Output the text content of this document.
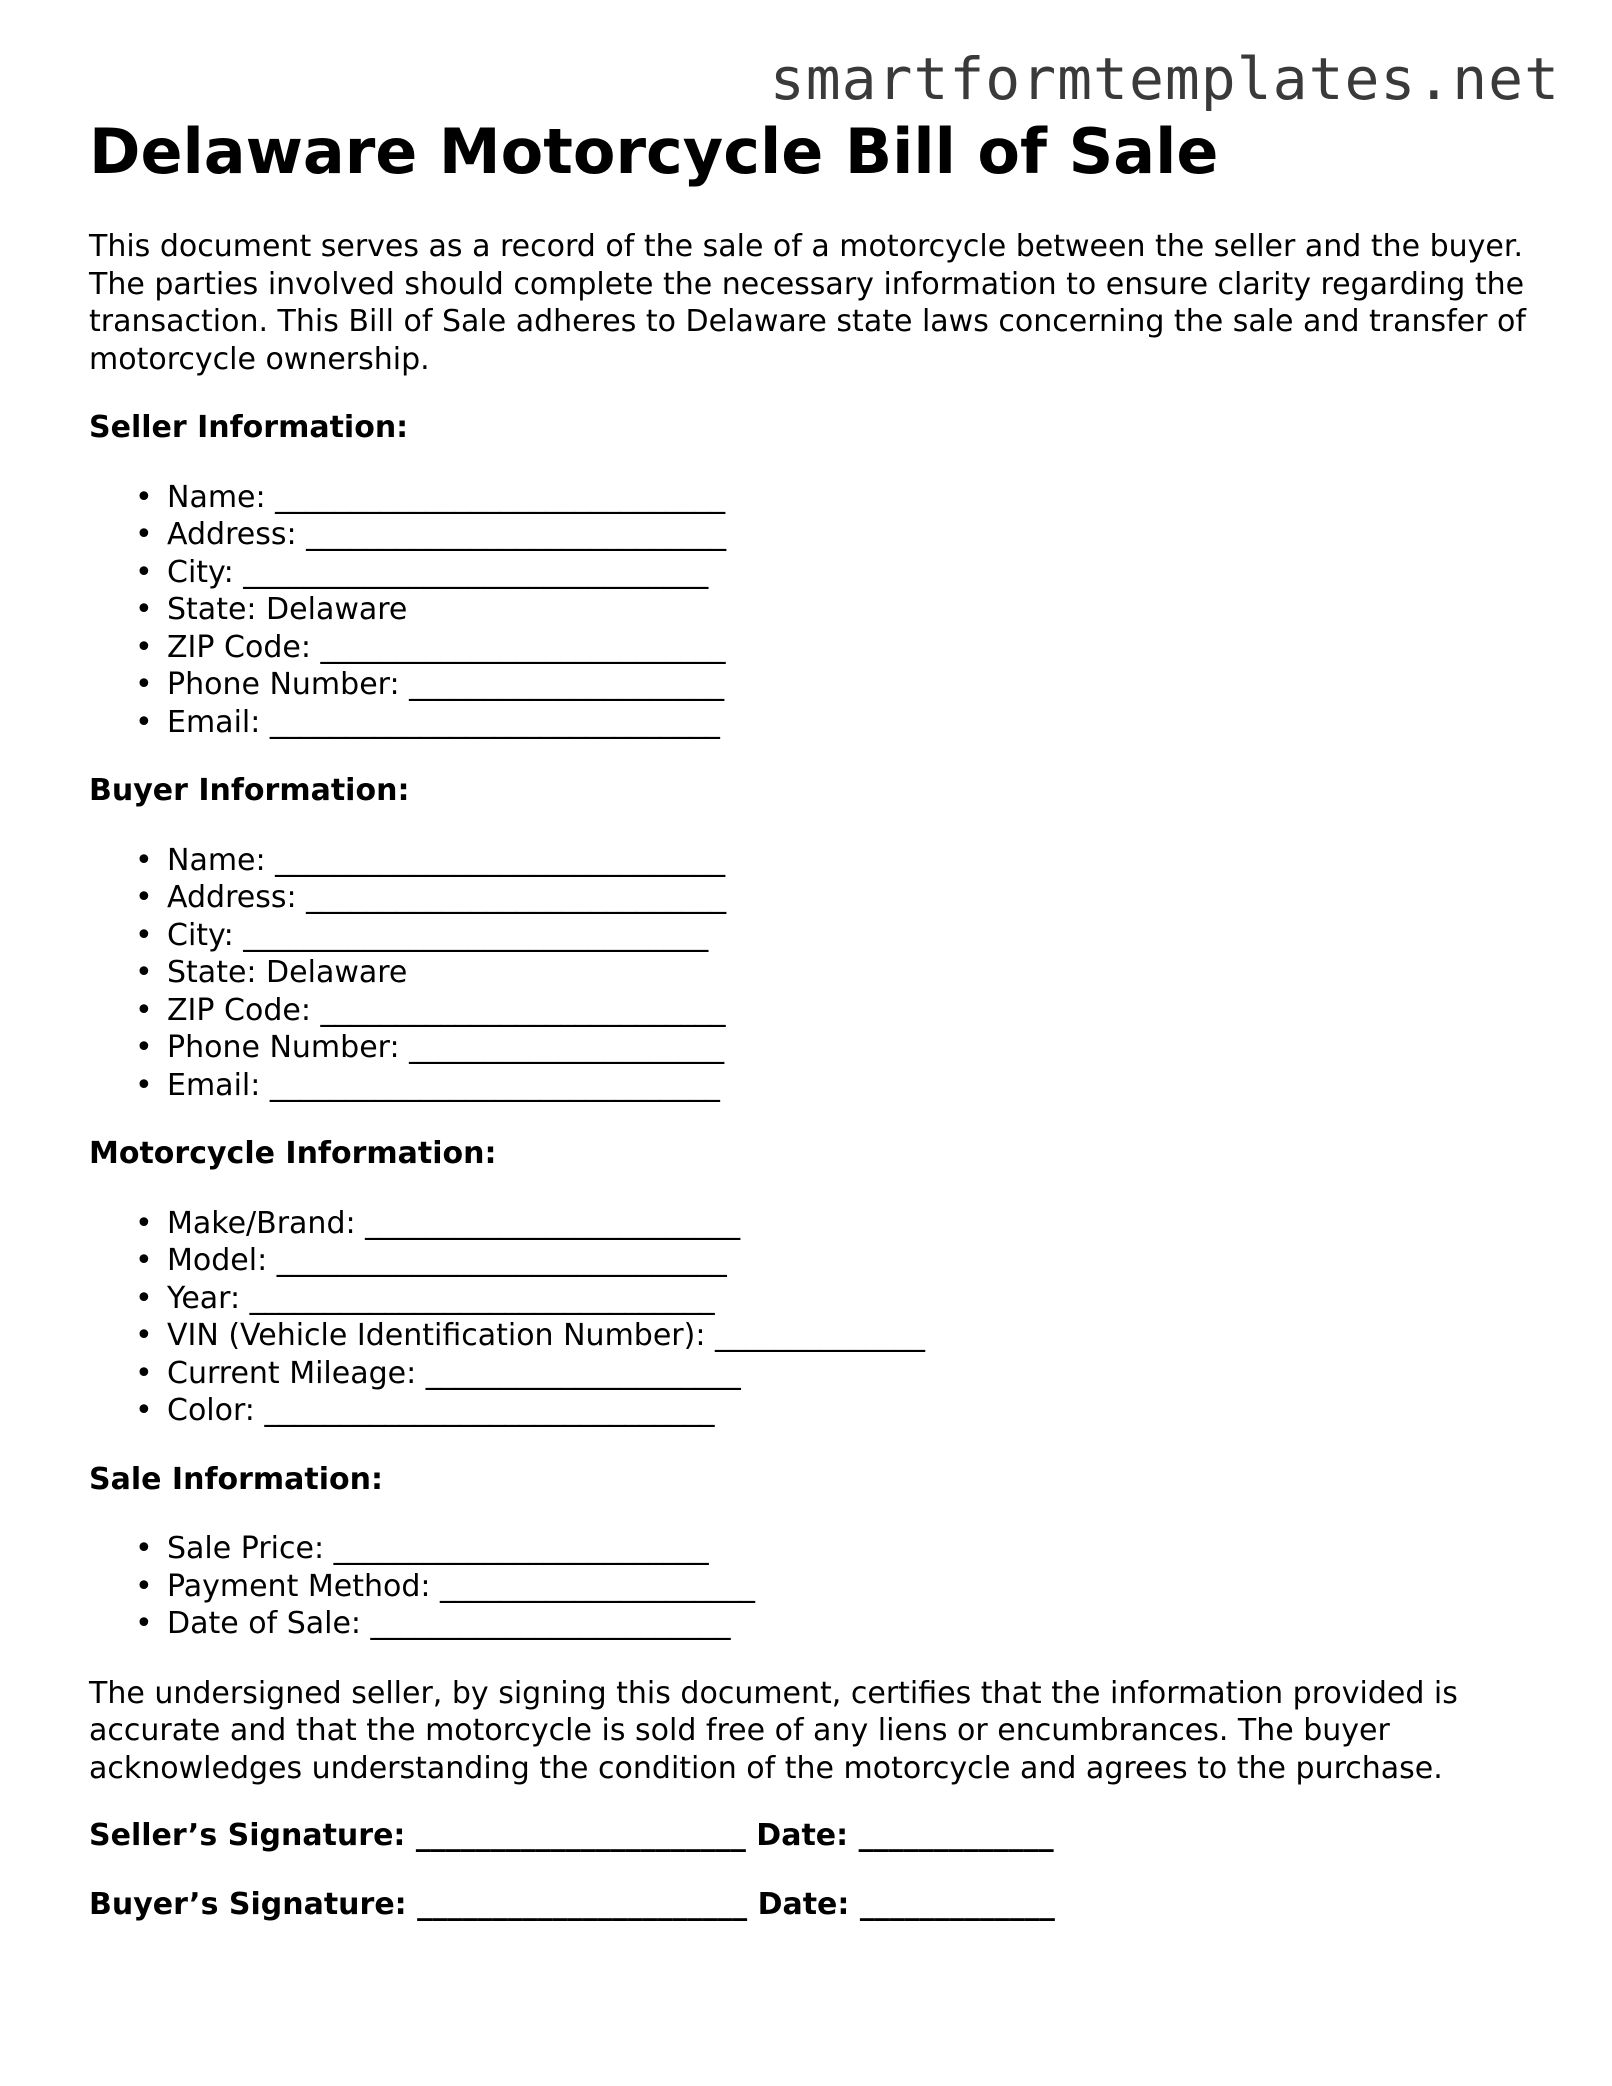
smartformtemplates.net
Delaware Motorcycle Bill of Sale

This document serves as a record of the sale of a motorcycle between the seller and the buyer. The parties involved should complete the necessary information to ensure clarity regarding the transaction. This Bill of Sale adheres to Delaware state laws concerning the sale and transfer of motorcycle ownership.

Seller Information:

• Name: ______________________________
• Address: ____________________________
• City: _______________________________
• State: Delaware
• ZIP Code: ___________________________
• Phone Number: _____________________
• Email: ______________________________

Buyer Information:

• Name: ______________________________
• Address: ____________________________
• City: _______________________________
• State: Delaware
• ZIP Code: ___________________________
• Phone Number: _____________________
• Email: ______________________________

Motorcycle Information:

• Make/Brand: _________________________
• Model: ______________________________
• Year: _______________________________
• VIN (Vehicle Identification Number): ______________
• Current Mileage: _____________________
• Color: ______________________________

Sale Information:

• Sale Price: _________________________
• Payment Method: _____________________
• Date of Sale: ________________________

The undersigned seller, by signing this document, certifies that the information provided is accurate and that the motorcycle is sold free of any liens or encumbrances. The buyer acknowledges understanding the condition of the motorcycle and agrees to the purchase.

Seller’s Signature: ______________________ Date: _____________

Buyer’s Signature: ______________________ Date: _____________
